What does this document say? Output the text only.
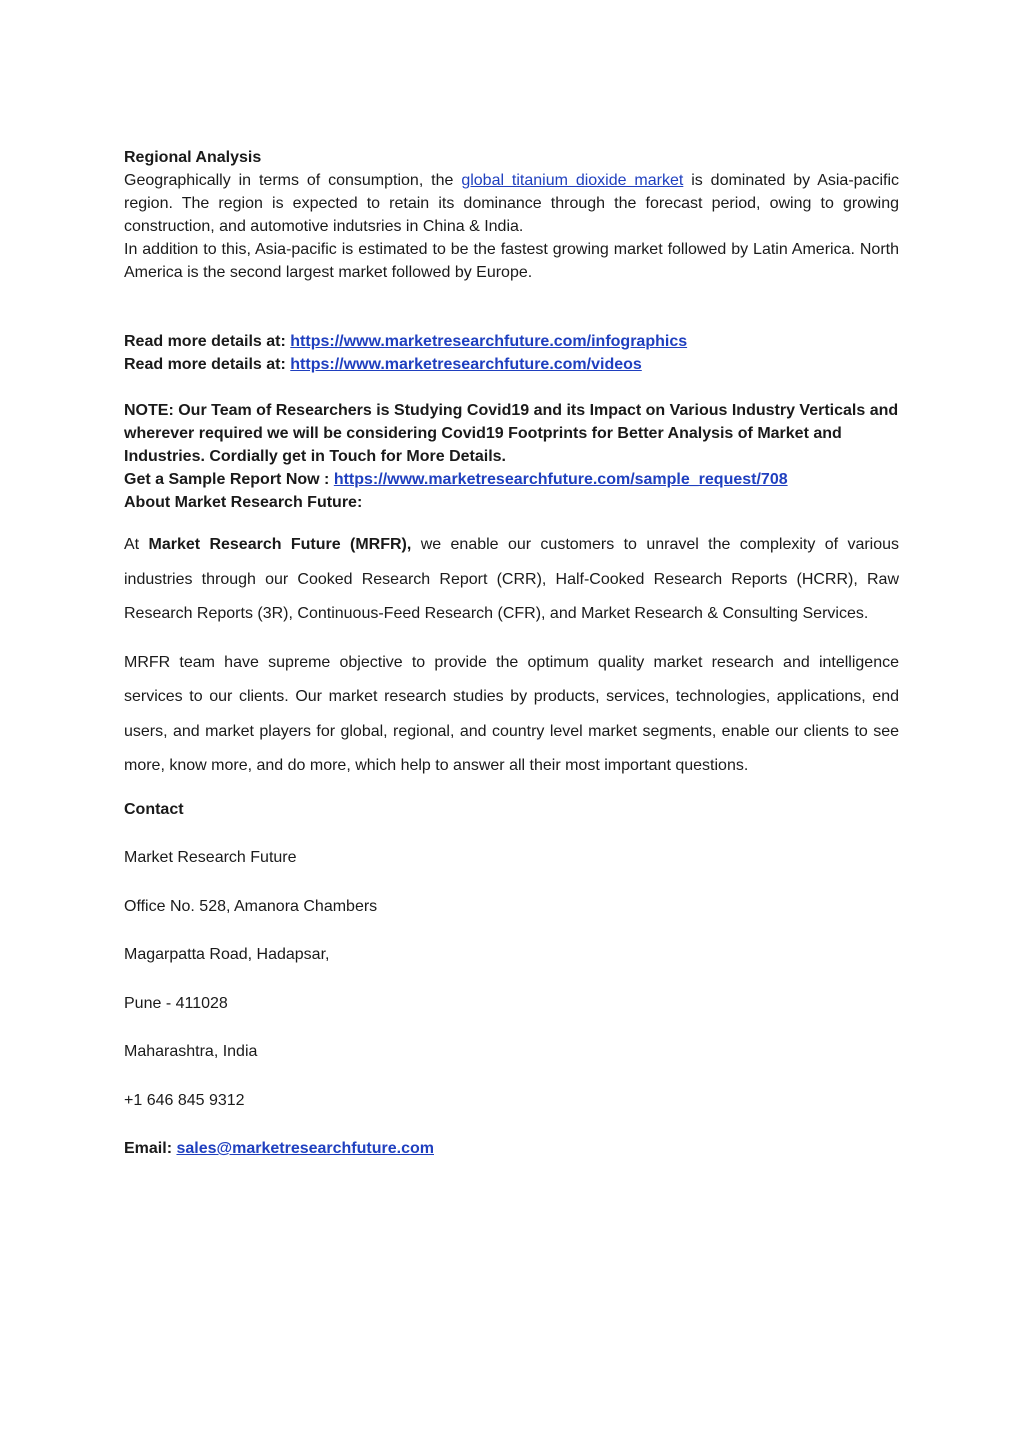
Regional Analysis

Geographically in terms of consumption, the global titanium dioxide market is dominated by Asia-pacific region. The region is expected to retain its dominance through the forecast period, owing to growing construction, and automotive indutsries in China & India.

In addition to this, Asia-pacific is estimated to be the fastest growing market followed by Latin America. North America is the second largest market followed by Europe.

Read more details at: https://www.marketresearchfuture.com/infographics

Read more details at: https://www.marketresearchfuture.com/videos

NOTE: Our Team of Researchers is Studying Covid19 and its Impact on Various Industry Verticals and wherever required we will be considering Covid19 Footprints for Better Analysis of Market and Industries. Cordially get in Touch for More Details.

Get a Sample Report Now : https://www.marketresearchfuture.com/sample_request/708

About Market Research Future:

At Market Research Future (MRFR), we enable our customers to unravel the complexity of various industries through our Cooked Research Report (CRR), Half-Cooked Research Reports (HCRR), Raw Research Reports (3R), Continuous-Feed Research (CFR), and Market Research & Consulting Services.

MRFR team have supreme objective to provide the optimum quality market research and intelligence services to our clients. Our market research studies by products, services, technologies, applications, end users, and market players for global, regional, and country level market segments, enable our clients to see more, know more, and do more, which help to answer all their most important questions.

Contact

Market Research Future

Office No. 528, Amanora Chambers

Magarpatta Road, Hadapsar,

Pune - 411028

Maharashtra, India

+1 646 845 9312

Email: sales@marketresearchfuture.com
